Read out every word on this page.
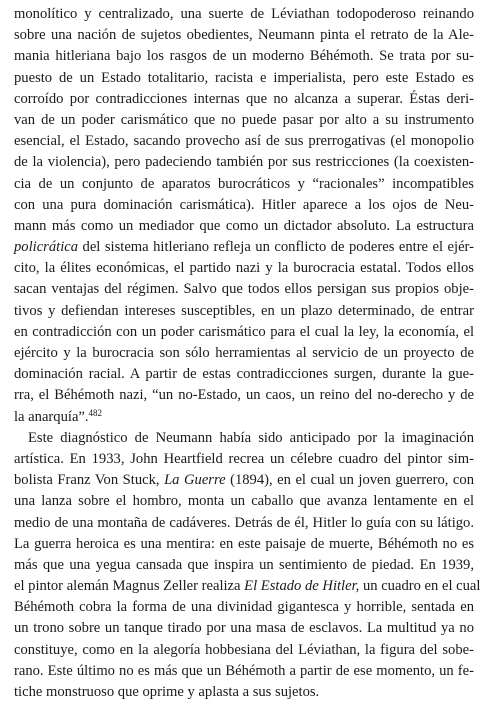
monolítico y centralizado, una suerte de Léviathan todopoderoso reinando
sobre una nación de sujetos obedientes, Neumann pinta el retrato de la Ale-
mania hitleriana bajo los rasgos de un moderno Béhémoth. Se trata por su-
puesto de un Estado totalitario, racista e imperialista, pero este Estado es
corroído por contradicciones internas que no alcanza a superar. Éstas deri-
van de un poder carismático que no puede pasar por alto a su instrumento
esencial, el Estado, sacando provecho así de sus prerrogativas (el monopolio
de la violencia), pero padeciendo también por sus restricciones (la coexisten-
cia de un conjunto de aparatos burocráticos y “racionales” incompatibles
con una pura dominación carismática). Hitler aparece a los ojos de Neu-
mann más como un mediador que como un dictador absoluto. La estructura
policrática del sistema hitleriano refleja un conflicto de poderes entre el ejér-
cito, la élites económicas, el partido nazi y la burocracia estatal. Todos ellos
sacan ventajas del régimen. Salvo que todos ellos persigan sus propios obje-
tivos y defiendan intereses susceptibles, en un plazo determinado, de entrar
en contradicción con un poder carismático para el cual la ley, la economía, el
ejército y la burocracia son sólo herramientas al servicio de un proyecto de
dominación racial. A partir de estas contradicciones surgen, durante la gue-
rra, el Béhémoth nazi, “un no-Estado, un caos, un reino del no-derecho y de
la anarquía”.$^{482}$
Este diagnóstico de Neumann había sido anticipado por la imaginación
artística. En 1933, John Heartfield recrea un célebre cuadro del pintor sim-
bolista Franz Von Stuck, La Guerre (1894), en el cual un joven guerrero, con
una lanza sobre el hombro, monta un caballo que avanza lentamente en el
medio de una montaña de cadáveres. Detrás de él, Hitler lo guía con su látigo.
La guerra heroica es una mentira: en este paisaje de muerte, Béhémoth no es
más que una yegua cansada que inspira un sentimiento de piedad. En 1939,
el pintor alemán Magnus Zeller realiza El Estado de Hitler, un cuadro en el cual
Béhémoth cobra la forma de una divinidad gigantesca y horrible, sentada en
un trono sobre un tanque tirado por una masa de esclavos. La multitud ya no
constituye, como en la alegoría hobbesiana del Léviathan, la figura del sobe-
rano. Este último no es más que un Béhémoth a partir de ese momento, un fe-
tiche monstruoso que oprime y aplasta a sus sujetos.
